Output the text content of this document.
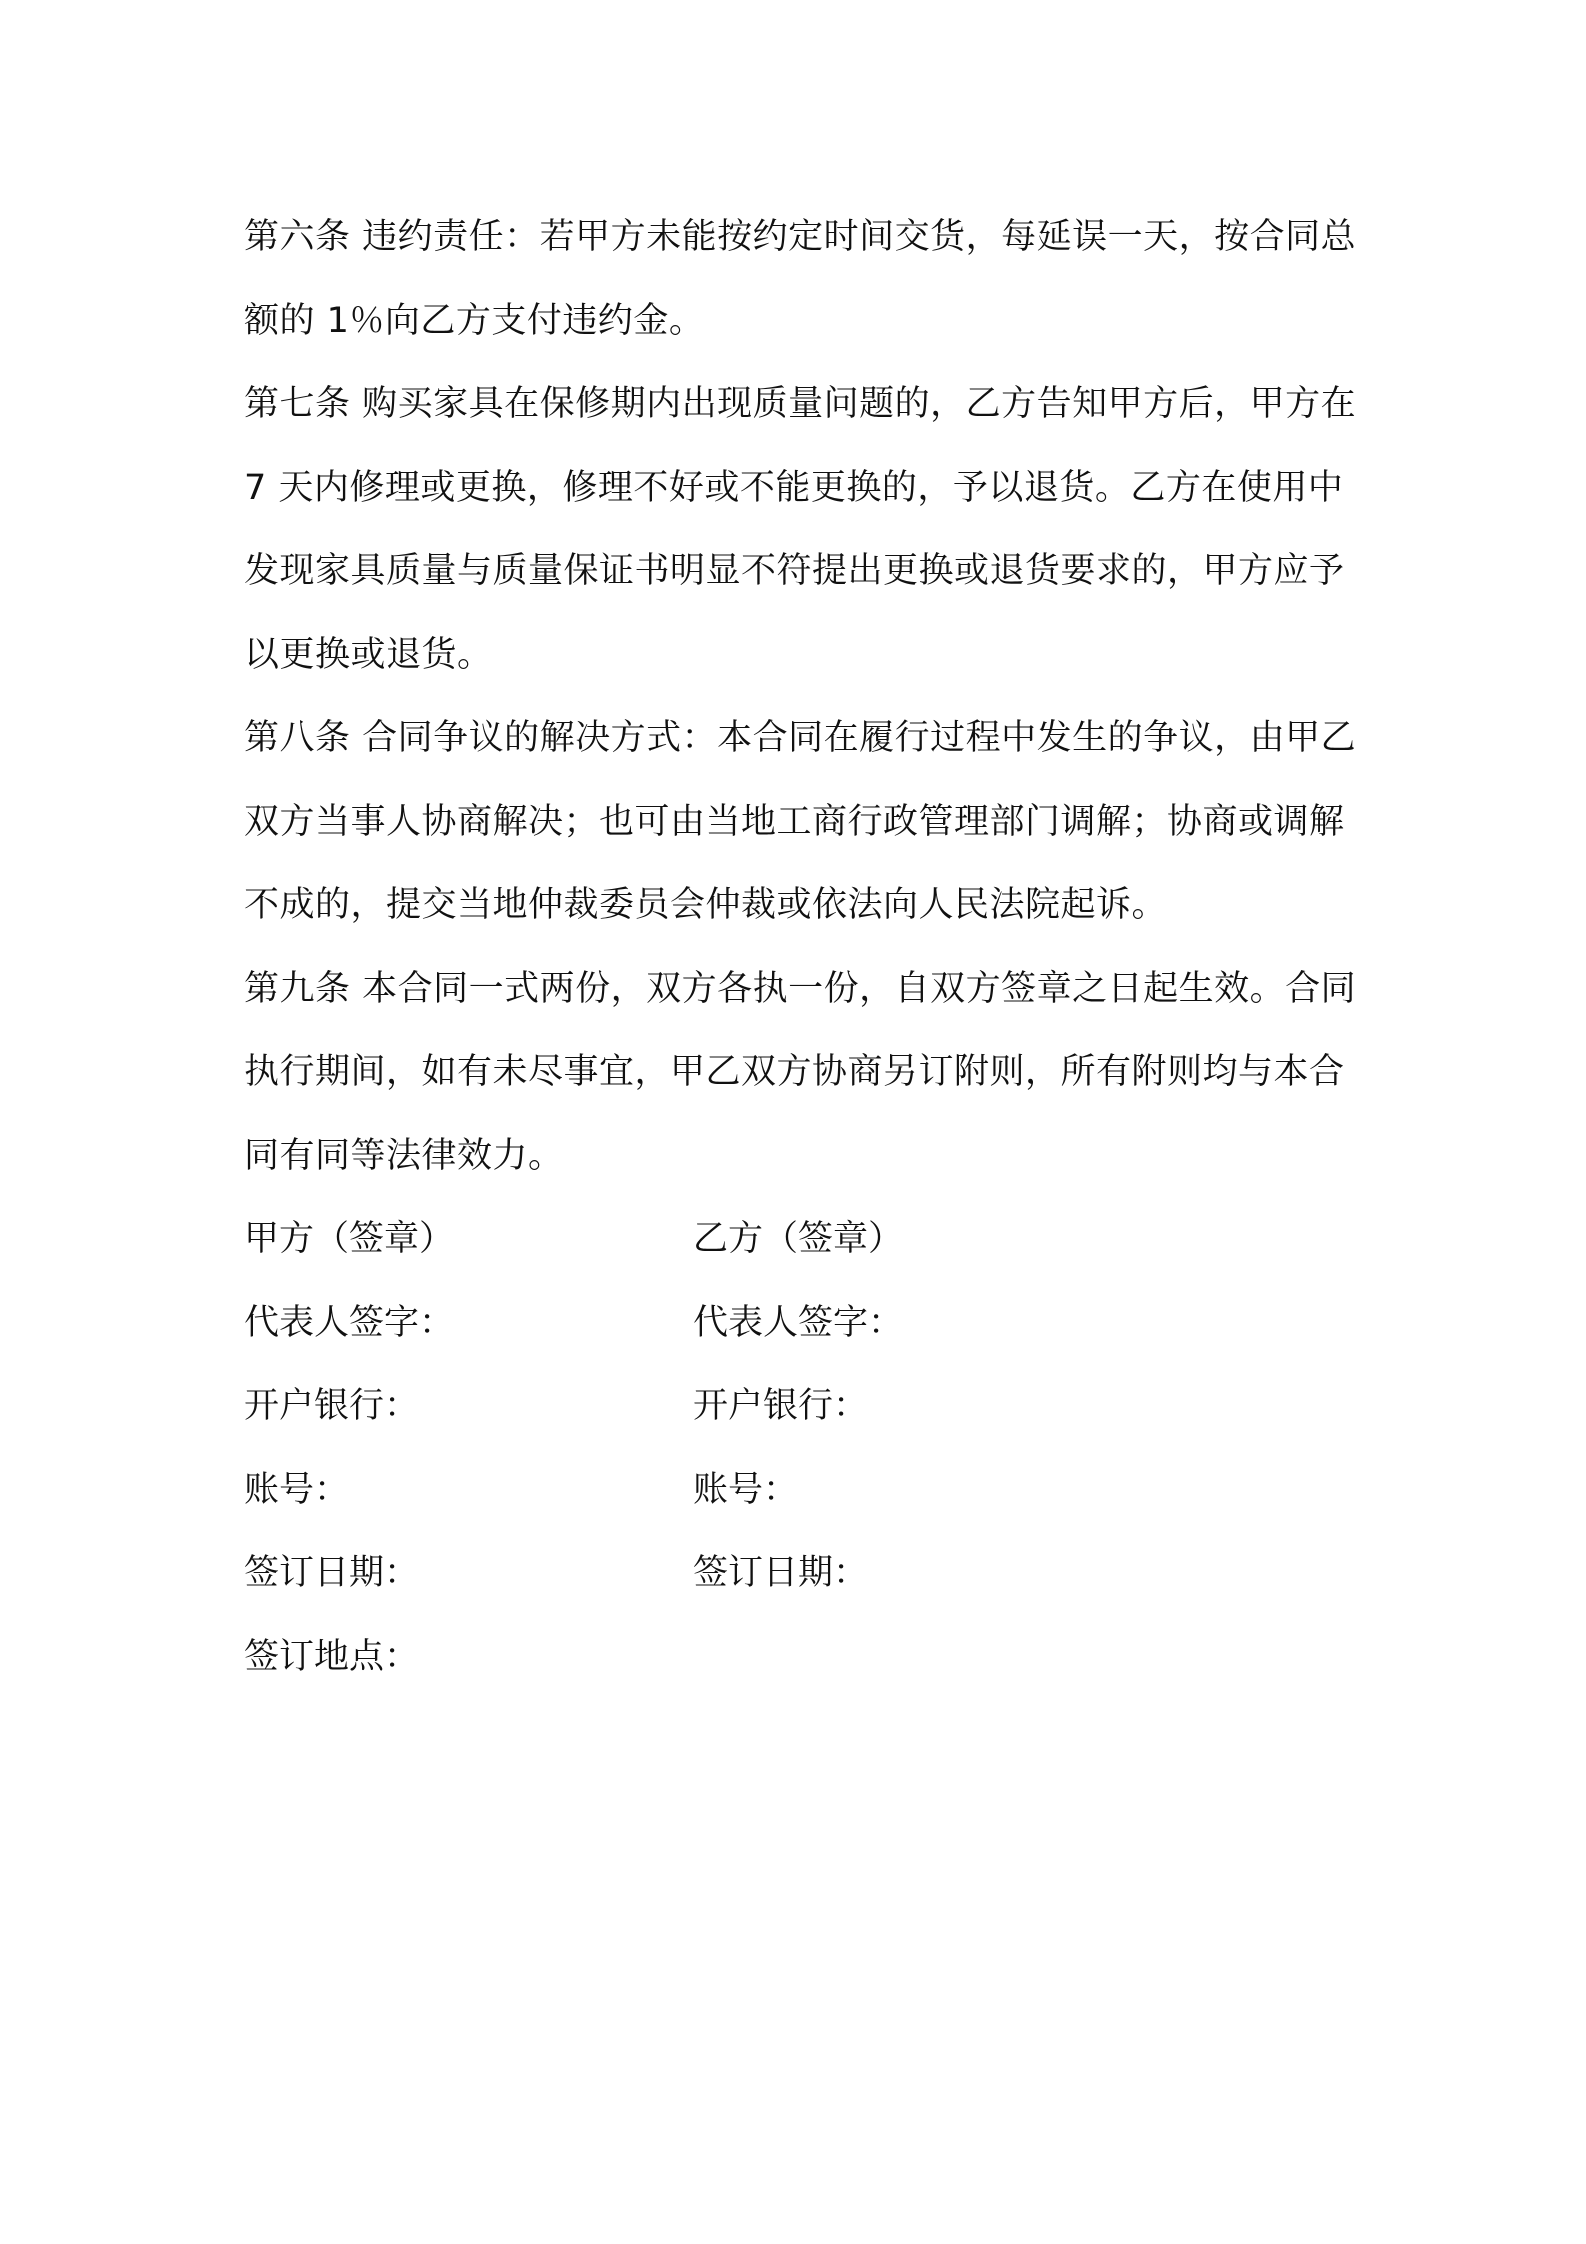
第六条 违约责任：若甲方未能按约定时间交货，每延误一天，按合同总额的 1％向乙方支付违约金。

第七条 购买家具在保修期内出现质量问题的，乙方告知甲方后，甲方在 7 天内修理或更换，修理不好或不能更换的，予以退货。乙方在使用中发现家具质量与质量保证书明显不符提出更换或退货要求的，甲方应予以更换或退货。

第八条 合同争议的解决方式：本合同在履行过程中发生的争议，由甲乙双方当事人协商解决；也可由当地工商行政管理部门调解；协商或调解不成的，提交当地仲裁委员会仲裁或依法向人民法院起诉。

第九条 本合同一式两份，双方各执一份，自双方签章之日起生效。合同执行期间，如有未尽事宜，甲乙双方协商另订附则，所有附则均与本合同有同等法律效力。

甲方（签章）	乙方（签章）
代表人签字：	代表人签字：
开户银行：	开户银行：
账号：	账号：
签订日期：	签订日期：
签订地点：
